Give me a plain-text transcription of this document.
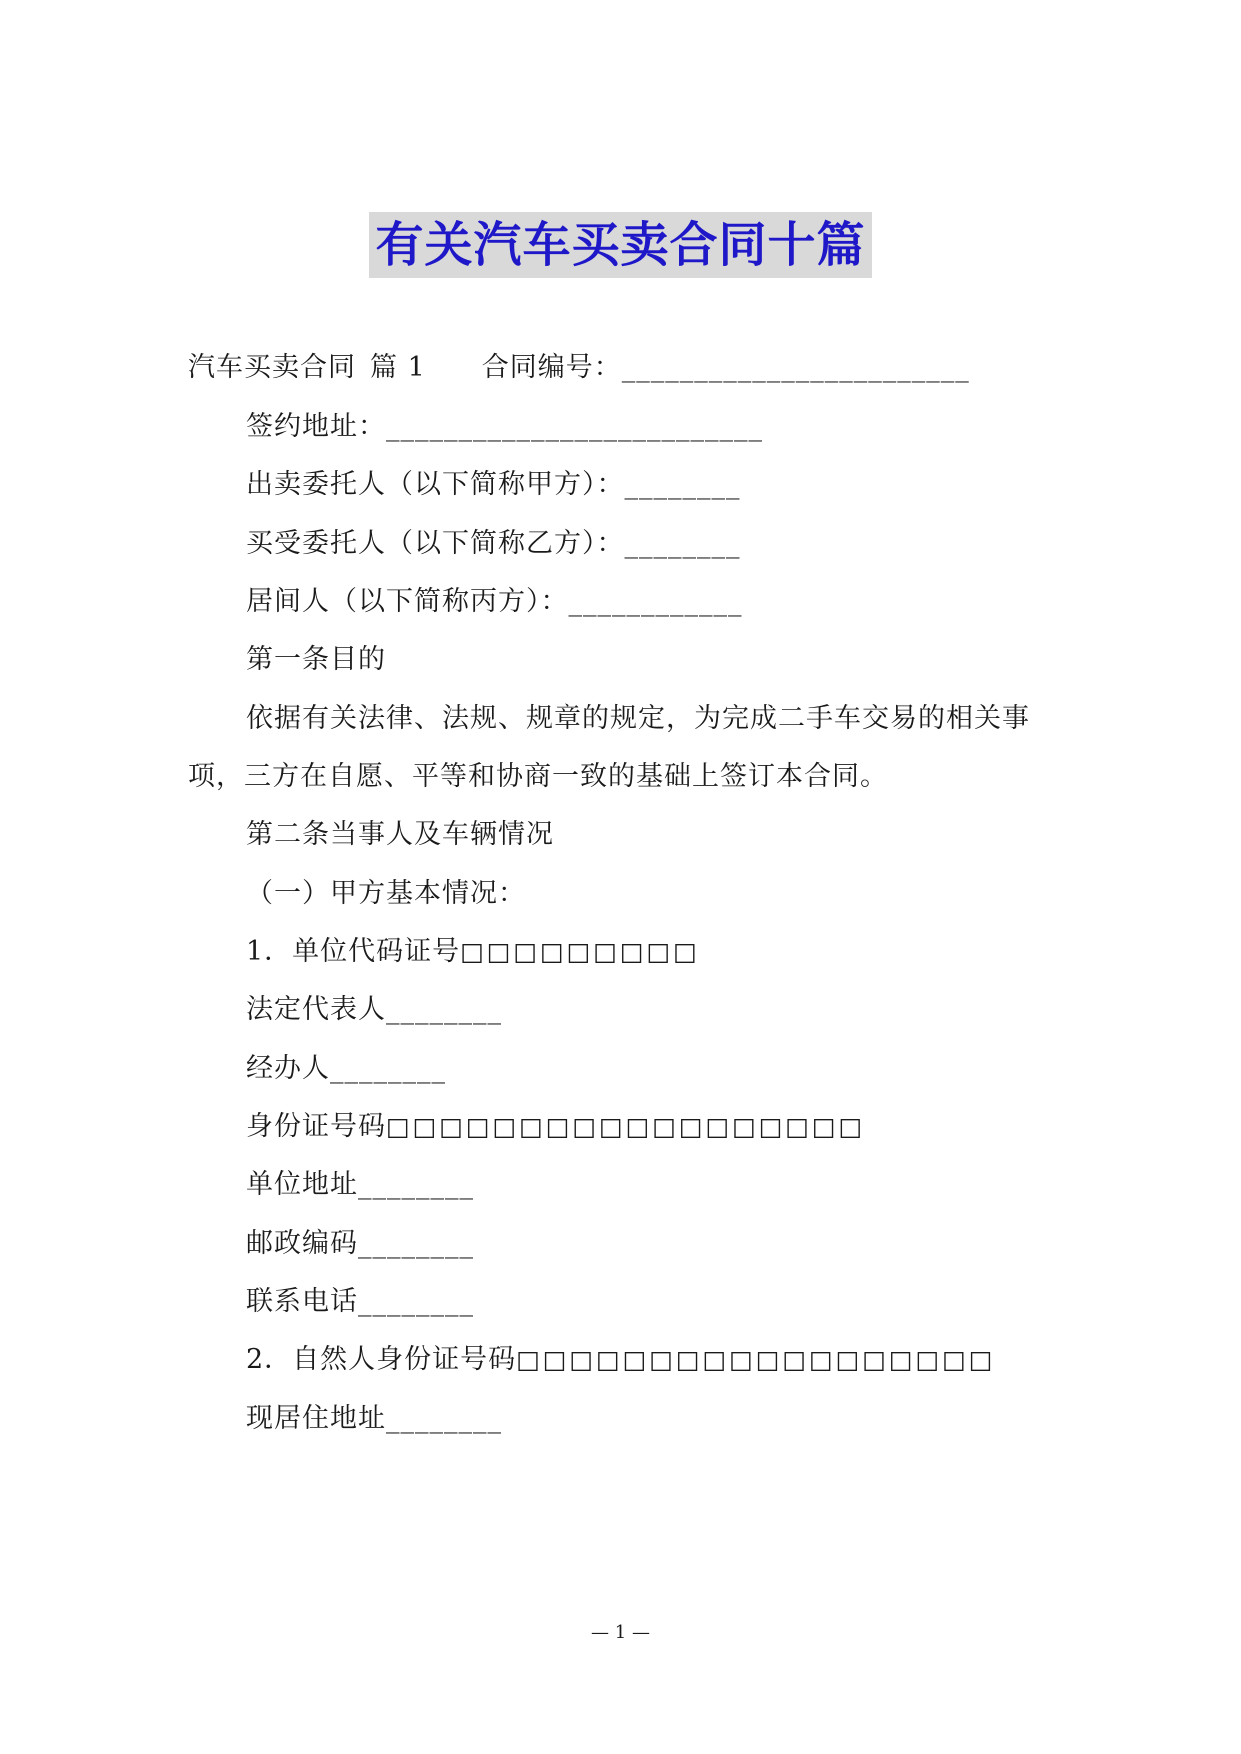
有关汽车买卖合同十篇
汽车买卖合同 篇 1 合同编号：________________________
签约地址：__________________________
出卖委托人（以下简称甲方）：________
买受委托人（以下简称乙方）：________
居间人（以下简称丙方）：____________
第一条目的
依据有关法律、法规、规章的规定，为完成二手车交易的相关事
项，三方在自愿、平等和协商一致的基础上签订本合同。
第二条当事人及车辆情况
（一）甲方基本情况：
1．单位代码证号□□□□□□□□□
法定代表人________
经办人________
身份证号码□□□□□□□□□□□□□□□□□□
单位地址________
邮政编码________
联系电话________
2．自然人身份证号码□□□□□□□□□□□□□□□□□□
现居住地址________
— 1 —
